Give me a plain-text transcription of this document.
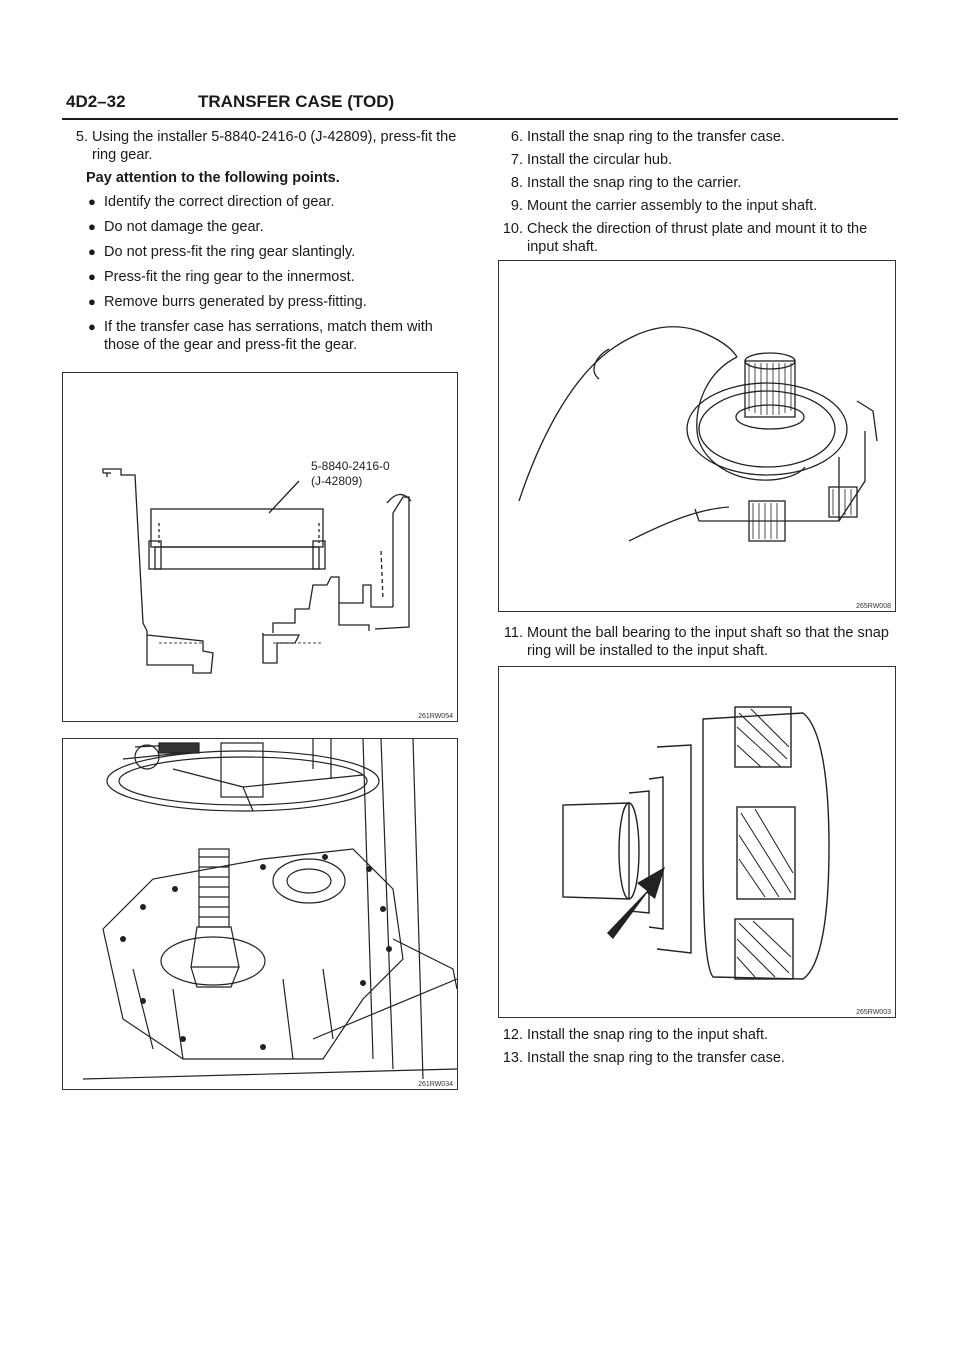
4D2–32	TRANSFER CASE (TOD)
5. Using the installer 5-8840-2416-0 (J-42809), press-fit the ring gear.
Pay attention to the following points.
● Identify the correct direction of gear.
● Do not damage the gear.
● Do not press-fit the ring gear slantingly.
● Press-fit the ring gear to the innermost.
● Remove burrs generated by press-fitting.
● If the transfer case has serrations, match them with those of the gear and press-fit the gear.
5-8840-2416-0
(J-42809)
261RW054
261RW034
6. Install the snap ring to the transfer case.
7. Install the circular hub.
8. Install the snap ring to the carrier.
9. Mount the carrier assembly to the input shaft.
10. Check the direction of thrust plate and mount it to the input shaft.
265RW008
11. Mount the ball bearing to the input shaft so that the snap ring will be installed to the input shaft.
265RW003
12. Install the snap ring to the input shaft.
13. Install the snap ring to the transfer case.
